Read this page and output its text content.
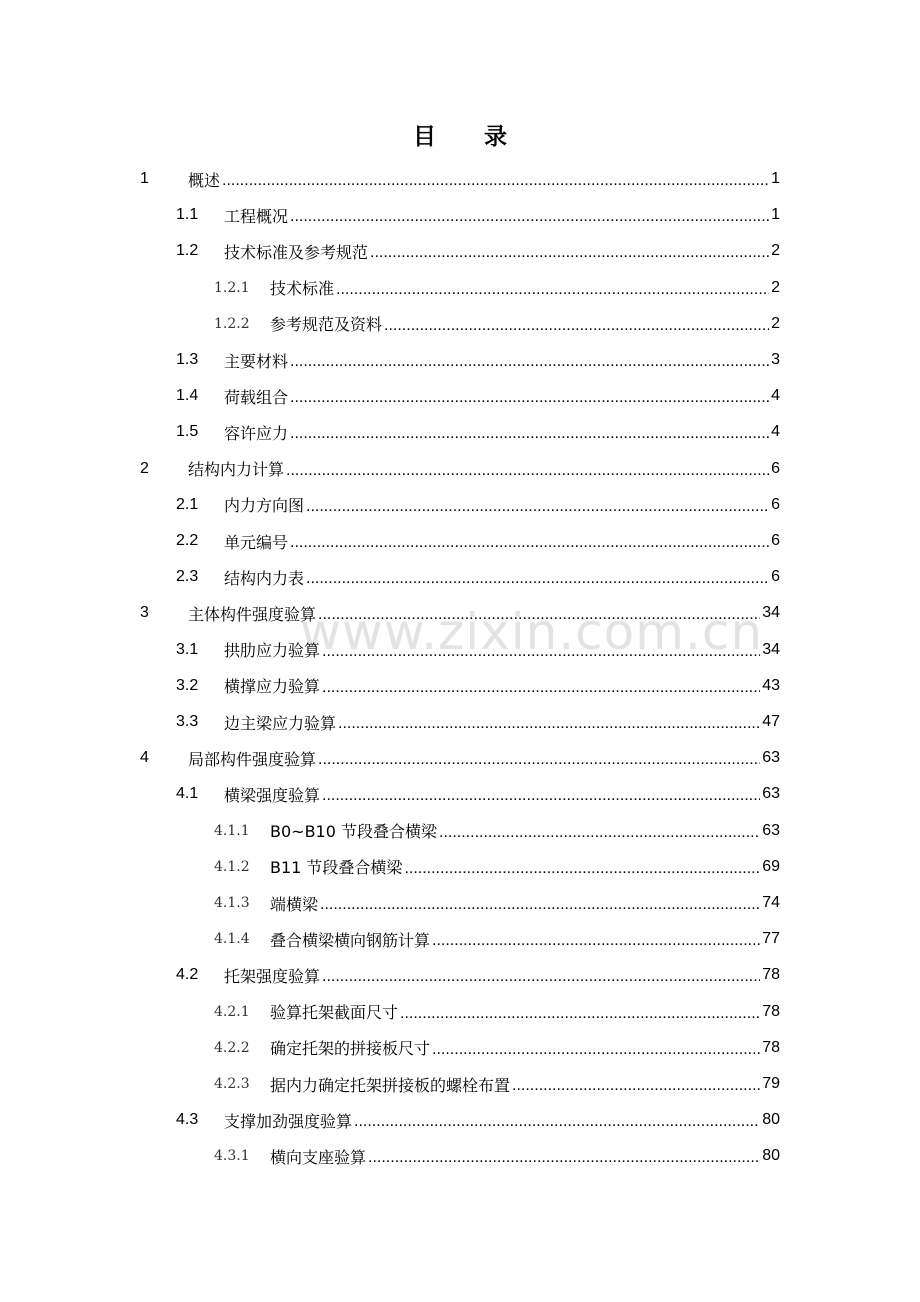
www.zixin.com.cn
目 录
1	概述 .....	1
1.1	工程概况 .....	1
1.2	技术标准及参考规范 .....	2
1.2.1	技术标准 .....	2
1.2.2	参考规范及资料 .....	2
1.3	主要材料 .....	3
1.4	荷载组合 .....	4
1.5	容许应力 .....	4
2	结构内力计算 .....	6
2.1	内力方向图 .....	6
2.2	单元编号 .....	6
2.3	结构内力表 .....	6
3	主体构件强度验算 .....	34
3.1	拱肋应力验算 .....	34
3.2	横撑应力验算 .....	43
3.3	边主梁应力验算 .....	47
4	局部构件强度验算 .....	63
4.1	横梁强度验算 .....	63
4.1.1	B0~B10 节段叠合横梁 .....	63
4.1.2	B11 节段叠合横梁 .....	69
4.1.3	端横梁 .....	74
4.1.4	叠合横梁横向钢筋计算 .....	77
4.2	托架强度验算 .....	78
4.2.1	验算托架截面尺寸 .....	78
4.2.2	确定托架的拼接板尺寸 .....	78
4.2.3	据内力确定托架拼接板的螺栓布置 .....	79
4.3	支撑加劲强度验算 .....	80
4.3.1	横向支座验算 .....	80
